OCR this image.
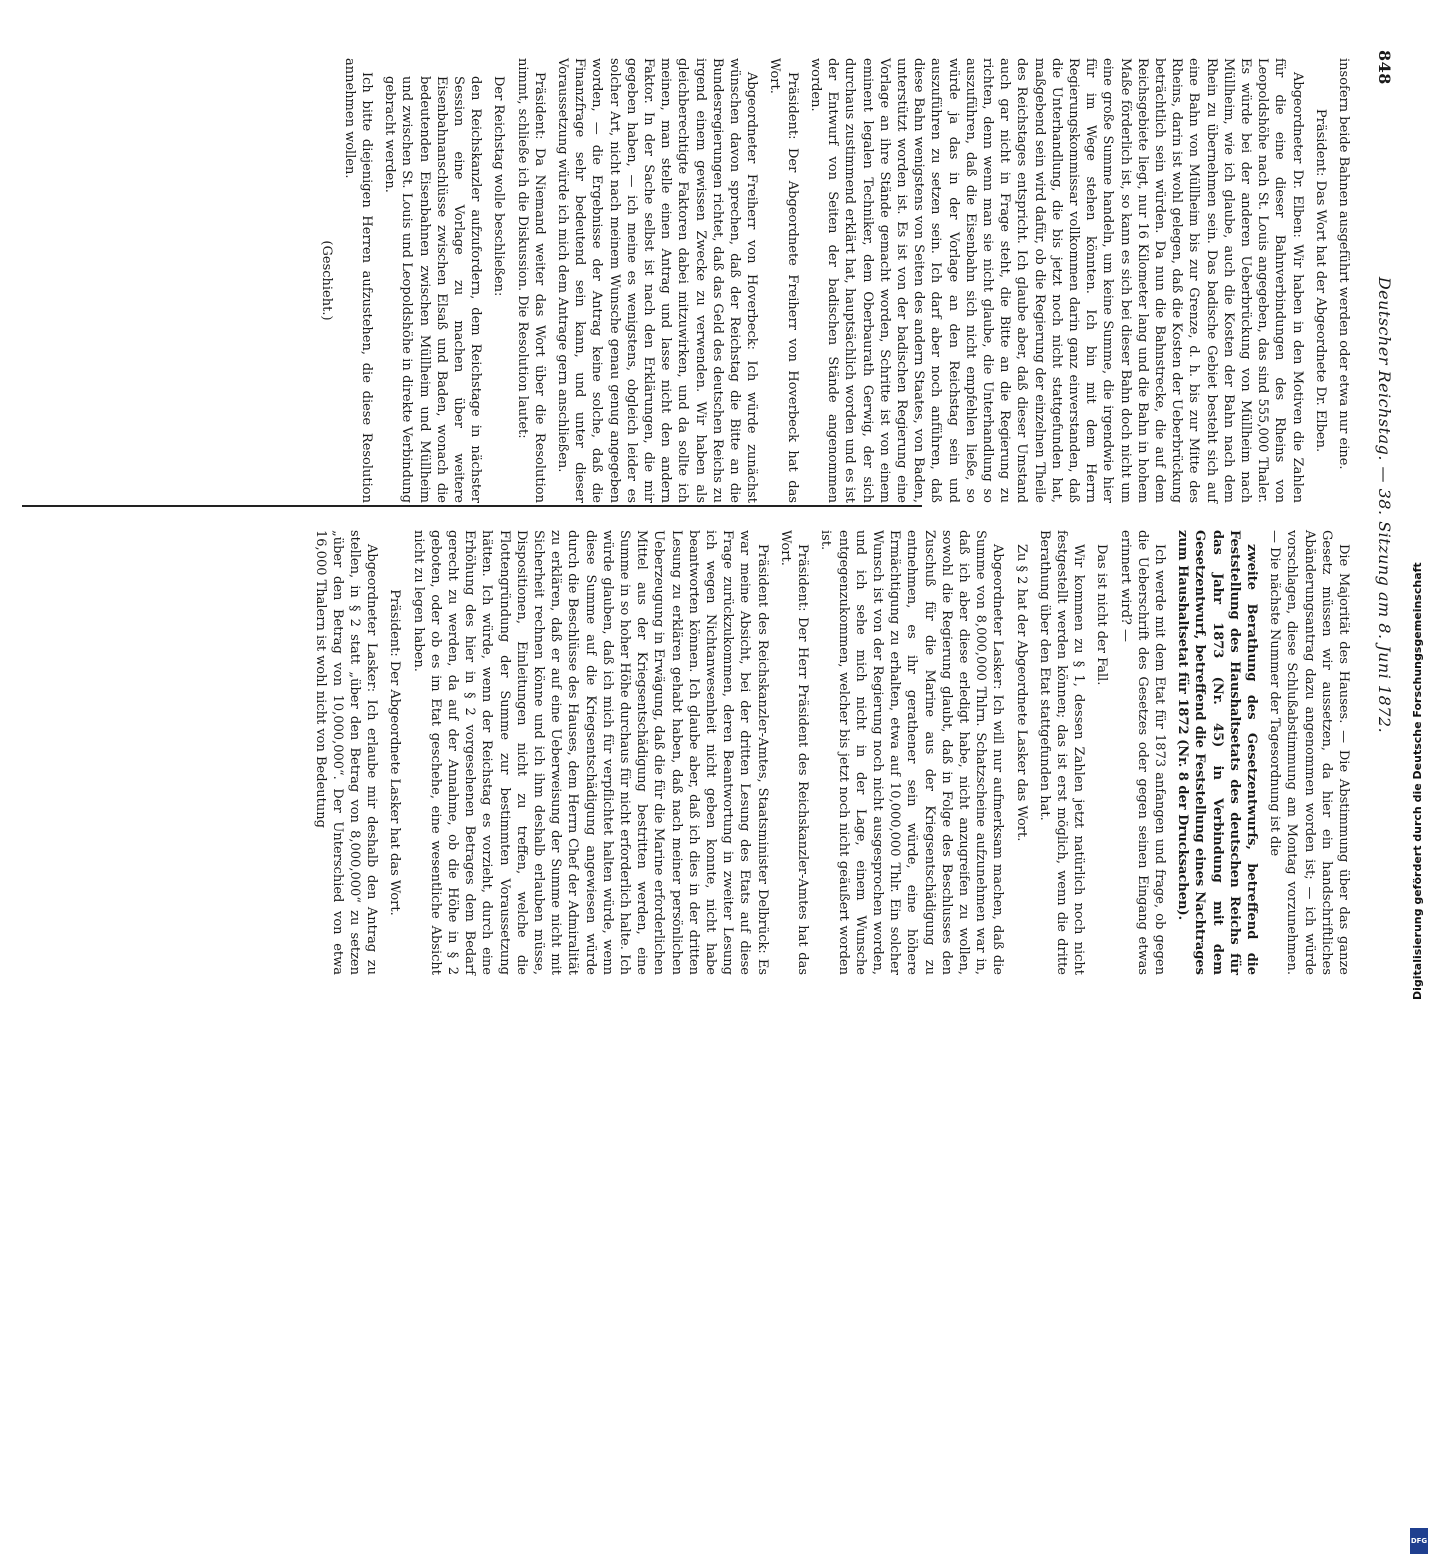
848
Deutscher Reichstag. — 38. Sitzung am 8. Juni 1872.

insofern beide Bahnen ausgeführt werden oder etwa nur eine.

Präsident: Das Wort hat der Abgeordnete Dr. Elben.

Abgeordneter Dr. Elben: Wir haben in den Motiven die Zahlen für die eine dieser Bahnverbindungen des Rheins von Leopoldshöhe nach St. Louis angegeben, das sind 555,000 Thaler. Es würde bei der anderen Ueberbrückung von Müllheim nach Müllheim, wie ich glaube, auch die Kosten der Bahn nach dem Rhein zu übernehmen sein. Das badische Gebiet besteht sich auf eine Bahn von Müllheim bis zur Grenze, d. h. bis zur Mitte des Rheins, darin ist wohl gelegen, daß die Kosten der Ueberbrückung beträchtlich sein würden. Da nun die Bahnstrecke, die auf dem Reichsgebiete liegt, nur 16 Kilometer lang und die Bahn in hohem Maße förderlich ist, so kann es sich bei dieser Bahn doch nicht um eine große Summe handeln, um keine Summe, die irgendwie hier für im Wege stehen könnten. Ich bin mit dem Herrn Regierungskommissar vollkommen darin ganz einverstanden, daß die Unterhandlung, die bis jetzt noch nicht stattgefunden hat, maßgebend sein wird dafür, ob die Regierung der einzelnen Theile des Reichstages entspricht. Ich glaube aber, daß dieser Umstand auch gar nicht in Frage steht, die Bitte an die Regierung zu richten, denn wenn man sie nicht glaube, die Unterhandlung so auszuführen, daß die Eisenbahn sich nicht empfehlen ließe, so würde ja das in der Vorlage an den Reichstag sein und auszuführen zu setzen sein. Ich darf aber noch anführen, daß diese Bahn wenigstens von Seiten des andern Staates, von Baden, unterstützt worden ist. Es ist von der badischen Regierung eine Vorlage an ihre Stände gemacht worden, Schritte ist von einem eminent legalen Techniker, dem Oberbaurath Gerwig, der sich durchaus zustimmend erklärt hat, hauptsächlich worden und es ist der Entwurf von Seiten der badischen Stände angenommen worden.

Präsident: Der Abgeordnete Freiherr von Hoverbeck hat das Wort.

Abgeordneter Freiherr von Hoverbeck: Ich würde zunächst wünschen davon sprechen, daß der Reichstag die Bitte an die Bundesregierungen richtet, daß das Geld des deutschen Reichs zu irgend einem gewissen Zwecke zu verwenden. Wir haben als gleichberechtigte Faktoren dabei mitzuwirken, und da sollte ich meinen, man stelle einen Antrag und lasse nicht den andern Faktor. In der Sache selbst ist nach den Erklärungen, die mir gegeben haben, — ich meine es wenigstens, obgleich leider es solcher Art, nicht nach meinem Wunsche genau genug angegeben worden, — die Ergebnisse der Antrag keine solche, daß die Finanzfrage sehr bedeutend sein kann, und unter dieser Voraussetzung würde ich mich dem Antrage gern anschließen.

Präsident: Da Niemand weiter das Wort über die Resolution nimmt, schließe ich die Diskussion. Die Resolution lautet:

Der Reichstag wolle beschließen:

den Reichskanzler aufzufordern, dem Reichstage in nächster Session eine Vorlage zu machen über weitere Eisenbahnanschlüsse zwischen Elsaß und Baden, wonach die bedeutenden Eisenbahnen zwischen Müllheim und Müllheim und zwischen St. Louis und Leopoldshöhe in direkte Verbindung gebracht werden.

Ich bitte diejenigen Herren aufzustehen, die diese Resolution annehmen wollen.

(Geschieht.)

Die Majorität des Hauses. — Die Abstimmung über das ganze Gesetz müssen wir aussetzen, da hier ein handschriftliches Abänderungsantrag dazu angenommen worden ist; — ich würde vorschlagen, diese Schlußabstimmung am Montag vorzunehmen. — Die nächste Nummer der Tagesordnung ist die

zweite Berathung des Gesetzentwurfs, betreffend die Feststellung des Haushaltsetats des deutschen Reichs für das Jahr 1873 (Nr. 45) in Verbindung mit dem Gesetzentwurf, betreffend die Feststellung eines Nachtrages zum Haushaltsetat für 1872 (Nr. 8 der Drucksachen).

Ich werde mit dem Etat für 1873 anfangen und frage, ob gegen die Ueberschrift des Gesetzes oder gegen seinen Eingang etwas erinnert wird? —

Das ist nicht der Fall.

Wir kommen zu § 1, dessen Zahlen jetzt natürlich noch nicht festgestellt werden können; das ist erst möglich, wenn die dritte Berathung über den Etat stattgefunden hat.

Zu § 2 hat der Abgeordnete Lasker das Wort.

Abgeordneter Lasker: Ich will nur aufmerksam machen, daß die Summe von 8,000,000 Thlrn. Schatzscheine aufzunehmen war in, daß ich aber diese erledigt habe, nicht anzugreifen zu wollen, sowohl die Regierung glaubt, daß in Folge des Beschlusses den Zuschuß für die Marine aus der Kriegsentschädigung zu entnehmen, es ihr gerathener sein würde, eine höhere Ermächtigung zu erhalten, etwa auf 10,000,000 Thlr. Ein solcher Wunsch ist von der Regierung noch nicht ausgesprochen worden, und ich sehe mich nicht in der Lage, einem Wunsche entgegenzukommen, welcher bis jetzt noch nicht geäußert worden ist.

Präsident: Der Herr Präsident des Reichskanzler-Amtes hat das Wort.

Präsident des Reichskanzler-Amtes, Staatsminister Delbrück: Es war meine Absicht, bei der dritten Lesung des Etats auf diese Frage zurückzukommen, deren Beantwortung in zweiter Lesung ich wegen Nichtanwesenheit nicht geben konnte, nicht habe beantworten können. Ich glaube aber, daß ich dies in der dritten Lesung zu erklären gehabt haben, daß nach meiner persönlichen Ueberzeugung in Erwägung, daß die für die Marine erforderlichen Mittel aus der Kriegsentschädigung bestritten werden, eine Summe in so hoher Höhe durchaus für nicht erforderlich halte. Ich würde glauben, daß ich mich für verpflichtet halten würde, wenn diese Summe auf die Kriegsentschädigung angewiesen würde durch die Beschlüsse des Hauses, dem Herrn Chef der Admiralität zu erklären, daß er auf eine Ueberweisung der Summe nicht mit Sicherheit rechnen könne und ich ihm deshalb erlauben müsse, Dispositionen, Einleitungen nicht zu treffen, welche die Flottengründung der Summe zur bestimmten Voraussetzung hätten. Ich würde, wenn der Reichstag es vorzieht, durch eine Erhöhung des hier in § 2 vorgesehenen Betrages dem Bedarf gerecht zu werden, da auf der Annahme, ob die Höhe in § 2 geboten, oder ob es im Etat geschehe, eine wesentliche Absicht nicht zu legen haben.

Präsident: Der Abgeordnete Lasker hat das Wort.

Abgeordneter Lasker: Ich erlaube mir deshalb den Antrag zu stellen, in § 2 statt „über den Betrag von 8,000,000“ zu setzen „über den Betrag von 10,000,000“. Der Unterschied von etwa 16,000 Thalern ist wohl nicht von Bedeutung	Digitalisierung gefördert durch die Deutsche Forschungsgemeinschaft
DFG
